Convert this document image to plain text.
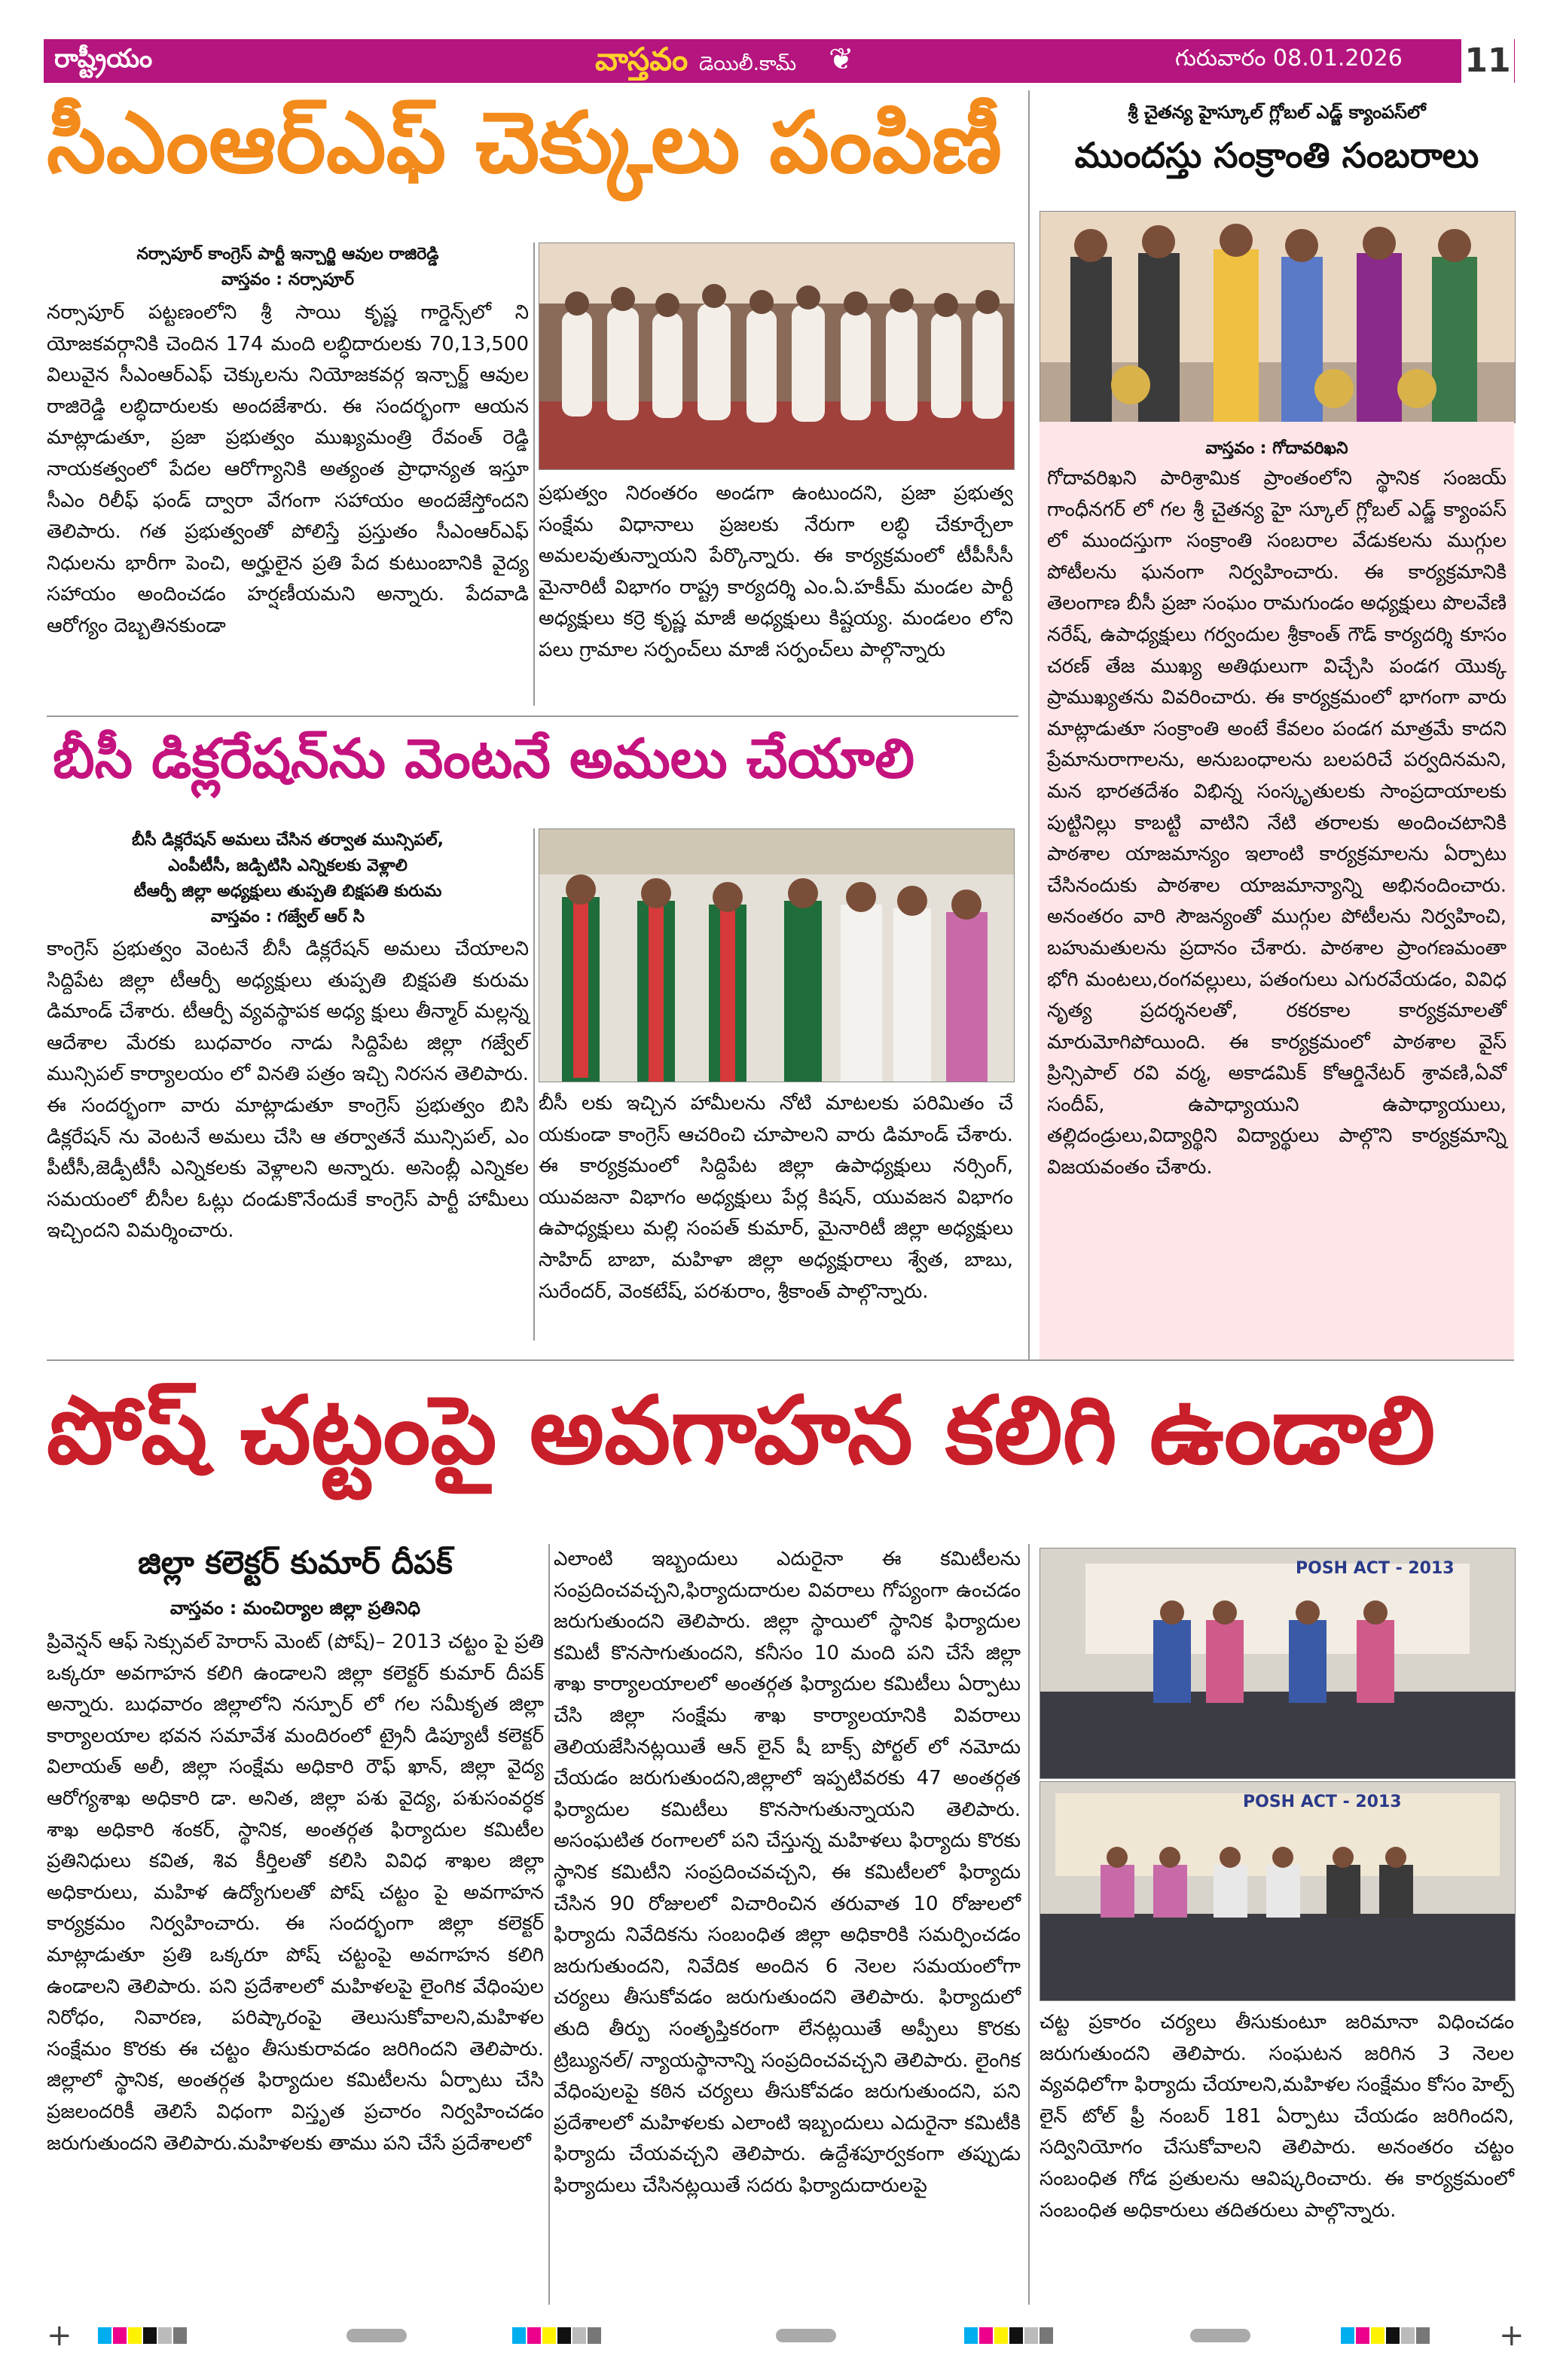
రాష్ట్రీయం	వాస్తవం డెయిలీ.కామ్ ❦	గురువారం 08.01.2026 11
సీఎంఆర్ఎఫ్ చెక్కులు పంపిణీ
నర్సాపూర్ కాంగ్రెస్ పార్టీ ఇన్చార్జి ఆవుల రాజిరెడ్డి
వాస్తవం : నర్సాపూర్

నర్సాపూర్ పట్టణంలోని శ్రీ సాయి కృష్ణ గార్డెన్స్‌లో ని యోజకవర్గానికి చెందిన 174 మంది లబ్ధిదారులకు 70,13,500 విలువైన సీఎంఆర్ఎఫ్ చెక్కులను నియోజకవర్గ ఇన్చార్జ్ ఆవుల రాజిరెడ్డి లబ్ధిదారులకు అందజేశారు. ఈ సందర్భంగా ఆయన మాట్లాడుతూ, ప్రజా ప్రభుత్వం ముఖ్యమంత్రి రేవంత్ రెడ్డి నాయకత్వంలో పేదల ఆరోగ్యానికి అత్యంత ప్రాధాన్యత ఇస్తూ సీఎం రిలీఫ్ ఫండ్ ద్వారా వేగంగా సహాయం అందజేస్తోందని తెలిపారు. గత ప్రభుత్వంతో పోలిస్తే ప్రస్తుతం సీఎంఆర్ఎఫ్ నిధులను భారీగా పెంచి, అర్హులైన ప్రతి పేద కుటుంబానికి వైద్య సహాయం అందించడం హర్షణీయమని అన్నారు. పేదవాడి ఆరోగ్యం దెబ్బతినకుండా

ప్రభుత్వం నిరంతరం అండగా ఉంటుందని, ప్రజా ప్రభుత్వ సంక్షేమ విధానాలు ప్రజలకు నేరుగా లబ్ధి చేకూర్చేలా అమలవుతున్నాయని పేర్కొన్నారు. ఈ కార్యక్రమంలో టీపీసీసీ మైనారిటీ విభాగం రాష్ట్ర కార్యదర్శి ఎం.ఏ.హకీమ్ మండల పార్టీ అధ్యక్షులు కర్రె కృష్ణ మాజీ అధ్యక్షులు కిష్టయ్య. మండలం లోని పలు గ్రామాల సర్పంచ్‌లు మాజీ సర్పంచ్‌లు పాల్గొన్నారు

బీసీ డిక్లరేషన్‌ను వెంటనే అమలు చేయాలి
బీసీ డిక్లరేషన్ అమలు చేసిన తర్వాత మున్సిపల్,
ఎంపీటీసీ, జడ్పిటిసి ఎన్నికలకు వెళ్లాలి
టీఆర్పీ జిల్లా అధ్యక్షులు తుప్పతి బిక్షపతి కురుమ
వాస్తవం : గజ్వేల్ ఆర్ సి

కాంగ్రెస్ ప్రభుత్వం వెంటనే బీసీ డిక్లరేషన్ అమలు చేయాలని సిద్దిపేట జిల్లా టీఆర్పీ అధ్యక్షులు తుప్పతి బిక్షపతి కురుమ డిమాండ్ చేశారు. టీఆర్పీ వ్యవస్థాపక అధ్య క్షులు తీన్మార్ మల్లన్న ఆదేశాల మేరకు బుధవారం నాడు సిద్దిపేట జిల్లా గజ్వేల్ మున్సిపల్ కార్యాలయం లో వినతి పత్రం ఇచ్చి నిరసన తెలిపారు. ఈ సందర్భంగా వారు మాట్లాడుతూ కాంగ్రెస్ ప్రభుత్వం బిసి డిక్లరేషన్ ను వెంటనే అమలు చేసి ఆ తర్వాతనే మున్సిపల్, ఎం పీటీసీ,జెడ్పీటీసీ ఎన్నికలకు వెళ్లాలని అన్నారు. అసెంబ్లీ ఎన్నికల సమయంలో బీసీల ఓట్లు దండుకొనేందుకే కాంగ్రెస్ పార్టీ హామీలు ఇచ్చిందని విమర్శించారు.

బీసీ లకు ఇచ్చిన హామీలను నోటి మాటలకు పరిమితం చే యకుండా కాంగ్రెస్ ఆచరించి చూపాలని వారు డిమాండ్ చేశారు. ఈ కార్యక్రమంలో సిద్దిపేట జిల్లా ఉపాధ్యక్షులు నర్సింగ్, యువజనా విభాగం అధ్యక్షులు పేర్ల కిషన్, యువజన విభాగం ఉపాధ్యక్షులు మల్లి సంపత్ కుమార్, మైనారిటీ జిల్లా అధ్యక్షులు సాహిద్ బాబా, మహిళా జిల్లా అధ్యక్షురాలు శ్వేత, బాబు, సురేందర్, వెంకటేష్, పరశురాం, శ్రీకాంత్ పాల్గొన్నారు.

శ్రీ చైతన్య హైస్కూల్ గ్లోబల్ ఎడ్జ్ క్యాంపస్‌లో
ముందస్తు సంక్రాంతి సంబరాలు
వాస్తవం : గోదావరిఖని

గోదావరిఖని పారిశ్రామిక ప్రాంతంలోని స్థానిక సంజయ్ గాంధీనగర్ లో గల శ్రీ చైతన్య హై స్కూల్ గ్లోబల్ ఎడ్జ్ క్యాంపస్ లో ముందస్తుగా సంక్రాంతి సంబరాల వేడుకలను ముగ్గుల పోటీలను ఘనంగా నిర్వహించారు. ఈ కార్యక్రమానికి తెలంగాణ బీసీ ప్రజా సంఘం రామగుండం అధ్యక్షులు పొలవేణి నరేష్, ఉపాధ్యక్షులు గర్వందుల శ్రీకాంత్ గౌడ్ కార్యదర్శి కూసం చరణ్ తేజ ముఖ్య అతిథులుగా విచ్చేసి పండగ యొక్క ప్రాముఖ్యతను వివరించారు. ఈ కార్యక్రమంలో భాగంగా వారు మాట్లాడుతూ సంక్రాంతి అంటే కేవలం పండగ మాత్రమే కాదని ప్రేమానురాగాలను, అనుబంధాలను బలపరిచే పర్వదినమని, మన భారతదేశం విభిన్న సంస్కృతులకు సాంప్రదాయాలకు పుట్టినిల్లు కాబట్టి వాటిని నేటి తరాలకు అందించటానికి పాఠశాల యాజమాన్యం ఇలాంటి కార్యక్రమాలను ఏర్పాటు చేసినందుకు పాఠశాల యాజమాన్యాన్ని అభినందించారు. అనంతరం వారి సౌజన్యంతో ముగ్గుల పోటీలను నిర్వహించి, బహుమతులను ప్రదానం చేశారు. పాఠశాల ప్రాంగణమంతా భోగి మంటలు,రంగవల్లులు, పతంగులు ఎగురవేయడం, వివిధ నృత్య ప్రదర్శనలతో, రకరకాల కార్యక్రమాలతో మారుమోగిపోయింది. ఈ కార్యక్రమంలో పాఠశాల వైస్ ప్రిన్సిపాల్ రవి వర్మ, అకాడమిక్ కోఆర్డినేటర్ శ్రావణి,ఏవో సందీప్, ఉపాధ్యాయుని ఉపాధ్యాయులు, తల్లిదండ్రులు,విద్యార్థిని విద్యార్థులు పాల్గొని కార్యక్రమాన్ని విజయవంతం చేశారు.

పోష్ చట్టంపై అవగాహన కలిగి ఉండాలి
జిల్లా కలెక్టర్ కుమార్ దీపక్
వాస్తవం : మంచిర్యాల జిల్లా ప్రతినిధి

ప్రివెన్షన్ ఆఫ్ సెక్సువల్ హెరాస్ మెంట్ (పోష్)– 2013 చట్టం పై ప్రతి ఒక్కరూ అవగాహన కలిగి ఉండాలని జిల్లా కలెక్టర్ కుమార్ దీపక్ అన్నారు. బుధవారం జిల్లాలోని నస్పూర్ లో గల సమీకృత జిల్లా కార్యాలయాల భవన సమావేశ మందిరంలో ట్రైనీ డిప్యూటీ కలెక్టర్ విలాయత్ అలీ, జిల్లా సంక్షేమ అధికారి రౌఫ్ ఖాన్, జిల్లా వైద్య ఆరోగ్యశాఖ అధికారి డా. అనిత, జిల్లా పశు వైద్య, పశుసంవర్ధక శాఖ అధికారి శంకర్, స్థానిక, అంతర్గత ఫిర్యాదుల కమిటీల ప్రతినిధులు కవిత, శివ కీర్తిలతో కలిసి వివిధ శాఖల జిల్లా అధికారులు, మహిళ ఉద్యోగులతో పోష్ చట్టం పై అవగాహన కార్యక్రమం నిర్వహించారు. ఈ సందర్భంగా జిల్లా కలెక్టర్ మాట్లాడుతూ ప్రతి ఒక్కరూ పోష్ చట్టంపై అవగాహన కలిగి ఉండాలని తెలిపారు. పని ప్రదేశాలలో మహిళలపై లైంగిక వేధింపుల నిరోధం, నివారణ, పరిష్కారంపై తెలుసుకోవాలని,మహిళల సంక్షేమం కొరకు ఈ చట్టం తీసుకురావడం జరిగిందని తెలిపారు. జిల్లాలో స్థానిక, అంతర్గత ఫిర్యాదుల కమిటీలను ఏర్పాటు చేసి ప్రజలందరికీ తెలిసే విధంగా విస్తృత ప్రచారం నిర్వహించడం జరుగుతుందని తెలిపారు.మహిళలకు తాము పని చేసే ప్రదేశాలలో

ఎలాంటి ఇబ్బందులు ఎదురైనా ఈ కమిటీలను సంప్రదించవచ్చని,ఫిర్యాదుదారుల వివరాలు గోప్యంగా ఉంచడం జరుగుతుందని తెలిపారు. జిల్లా స్థాయిలో స్థానిక ఫిర్యాదుల కమిటీ కొనసాగుతుందని, కనీసం 10 మంది పని చేసే జిల్లా శాఖ కార్యాలయాలలో అంతర్గత ఫిర్యాదుల కమిటీలు ఏర్పాటు చేసి జిల్లా సంక్షేమ శాఖ కార్యాలయానికి వివరాలు తెలియజేసినట్లయితే ఆన్ లైన్ షీ బాక్స్ పోర్టల్ లో నమోదు చేయడం జరుగుతుందని,జిల్లాలో ఇప్పటివరకు 47 అంతర్గత ఫిర్యాదుల కమిటీలు కొనసాగుతున్నాయని తెలిపారు. అసంఘటిత రంగాలలో పని చేస్తున్న మహిళలు ఫిర్యాదు కొరకు స్థానిక కమిటీని సంప్రదించవచ్చని, ఈ కమిటీలలో ఫిర్యాదు చేసిన 90 రోజులలో విచారించిన తరువాత 10 రోజులలో ఫిర్యాదు నివేదికను సంబంధిత జిల్లా అధికారికి సమర్పించడం జరుగుతుందని, నివేదిక అందిన 6 నెలల సమయంలోగా చర్యలు తీసుకోవడం జరుగుతుందని తెలిపారు. ఫిర్యాదులో తుది తీర్పు సంతృప్తికరంగా లేనట్లయితే అప్పీలు కొరకు ట్రిబ్యునల్/ న్యాయస్థానాన్ని సంప్రదించవచ్చని తెలిపారు. లైంగిక వేధింపులపై కఠిన చర్యలు తీసుకోవడం జరుగుతుందని, పని ప్రదేశాలలో మహిళలకు ఎలాంటి ఇబ్బందులు ఎదురైనా కమిటీకి ఫిర్యాదు చేయవచ్చని తెలిపారు. ఉద్దేశపూర్వకంగా తప్పుడు ఫిర్యాదులు చేసినట్లయితే సదరు ఫిర్యాదుదారులపై

POSH ACT - 2013
POSH ACT - 2013

చట్ట ప్రకారం చర్యలు తీసుకుంటూ జరిమానా విధించడం జరుగుతుందని తెలిపారు. సంఘటన జరిగిన 3 నెలల వ్యవధిలోగా ఫిర్యాదు చేయాలని,మహిళల సంక్షేమం కోసం హెల్ప్ లైన్ టోల్ ఫ్రీ నంబర్ 181 ఏర్పాటు చేయడం జరిగిందని, సద్వినియోగం చేసుకోవాలని తెలిపారు. అనంతరం చట్టం సంబంధిత గోడ ప్రతులను ఆవిష్కరించారు. ఈ కార్యక్రమంలో సంబంధిత అధికారులు తదితరులు పాల్గొన్నారు.

+	+
